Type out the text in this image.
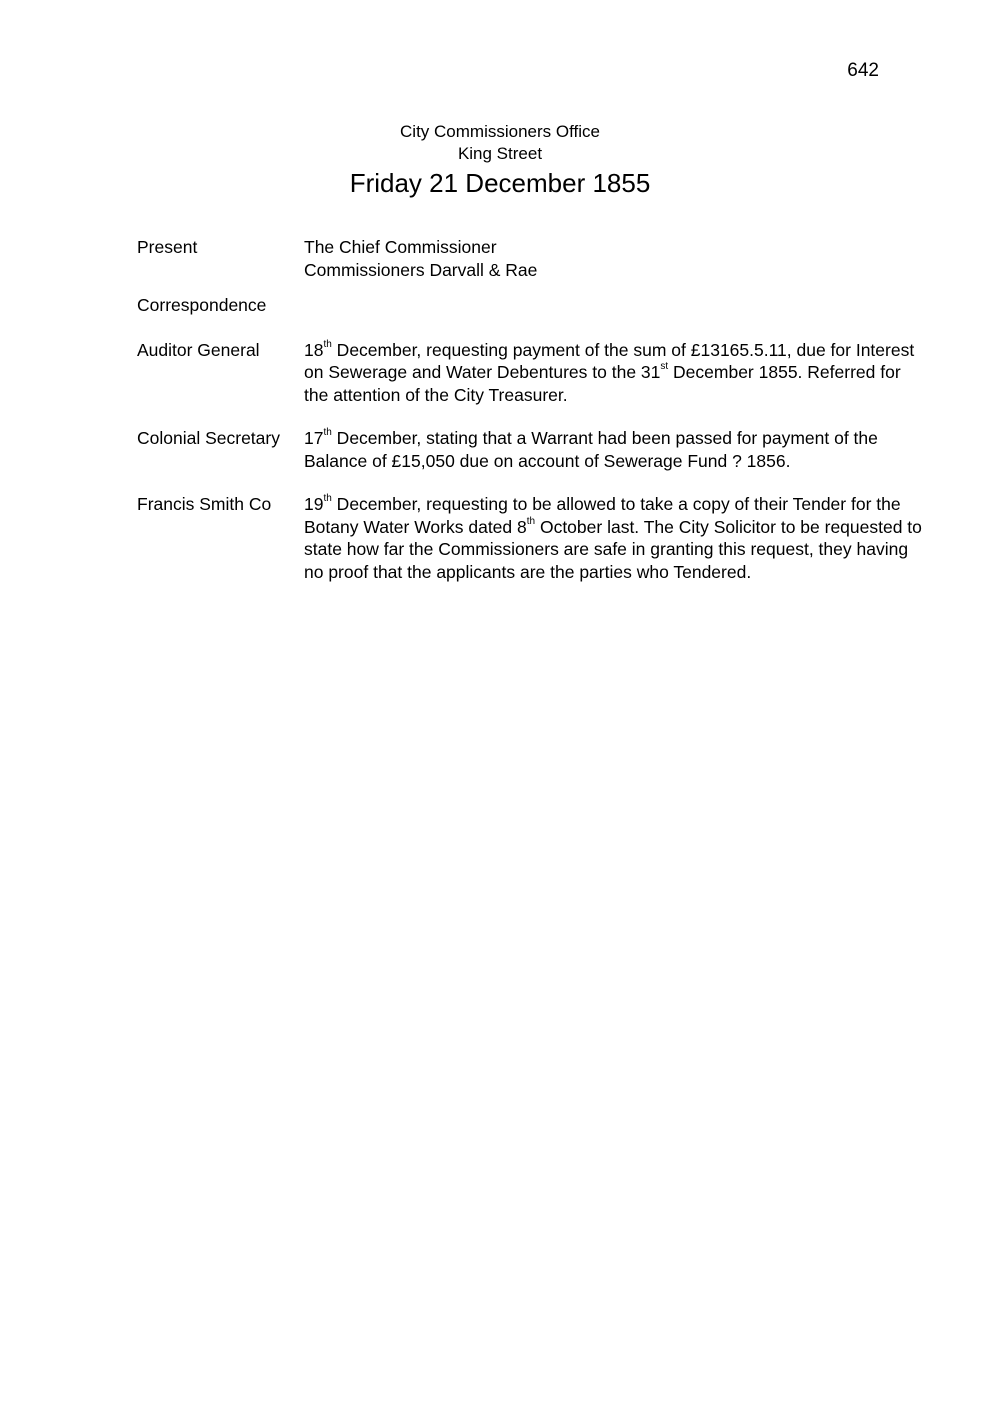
642
City Commissioners Office
King Street
Friday 21 December 1855
Present	The Chief Commissioner
Commissioners Darvall & Rae
Correspondence
Auditor General	18th December, requesting payment of the sum of £13165.5.11, due for Interest on Sewerage and Water Debentures to the 31st December 1855. Referred for the attention of the City Treasurer.
Colonial Secretary	17th December, stating that a Warrant had been passed for payment of the Balance of £15,050 due on account of Sewerage Fund ? 1856.
Francis Smith Co	19th December, requesting to be allowed to take a copy of their Tender for the Botany Water Works dated 8th October last. The City Solicitor to be requested to state how far the Commissioners are safe in granting this request, they having no proof that the applicants are the parties who Tendered.
